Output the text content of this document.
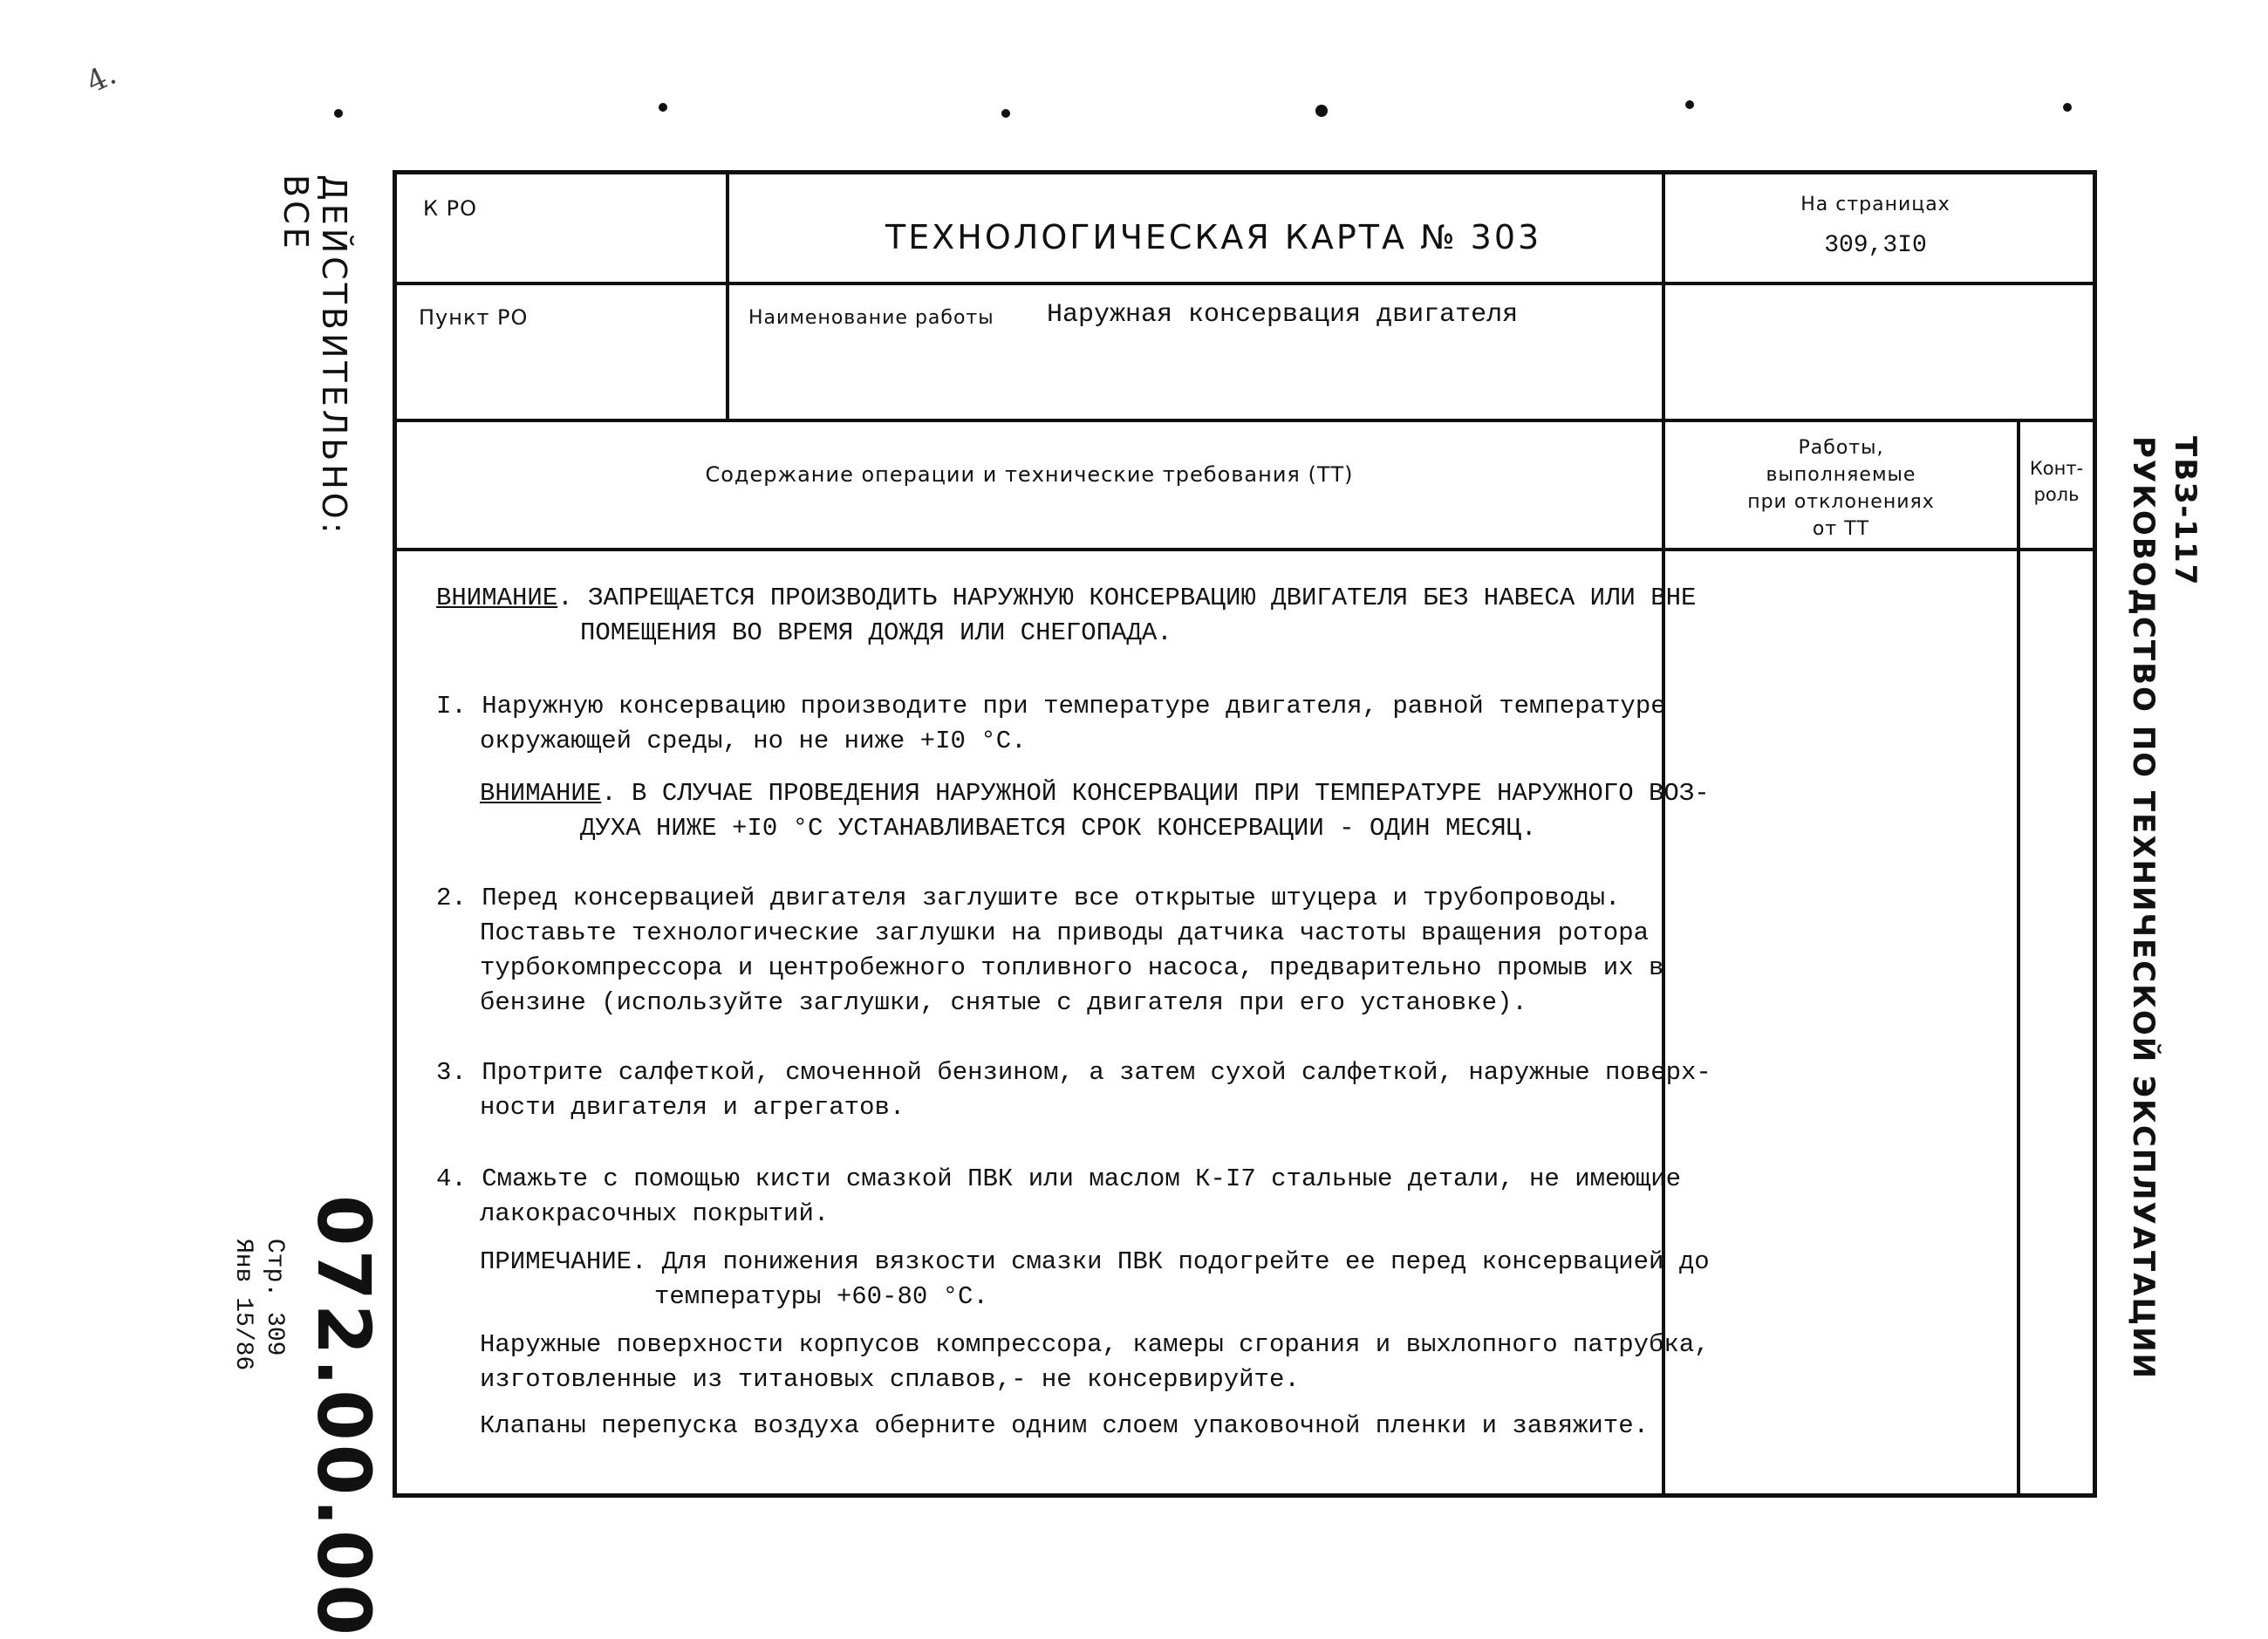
4.
ДЕЙСТВИТЕЛЬНО: ВСЕ
ТВЗ-117
РУКОВОДСТВО ПО ТЕХНИЧЕСКОЙ ЭКСПЛУАТАЦИИ
072.00.00
Стр. 309
Янв 15/86
К РО
ТЕХНОЛОГИЧЕСКАЯ КАРТА № 303
На страницах
309,3I0
Пункт РО	Наименование работы Наружная консервация двигателя
Содержание операции и технические требования (ТТ)
Работы,
выполняемые
при отклонениях
от ТТ
Конт-
роль
ВНИМАНИЕ. ЗАПРЕЩАЕТСЯ ПРОИЗВОДИТЬ НАРУЖНУЮ КОНСЕРВАЦИЮ ДВИГАТЕЛЯ БЕЗ НАВЕСА ИЛИ ВНЕ
ПОМЕЩЕНИЯ ВО ВРЕМЯ ДОЖДЯ ИЛИ СНЕГОПАДА.
I. Наружную консервацию производите при температуре двигателя, равной температуре
окружающей среды, но не ниже +I0 °С.
ВНИМАНИЕ. В СЛУЧАЕ ПРОВЕДЕНИЯ НАРУЖНОЙ КОНСЕРВАЦИИ ПРИ ТЕМПЕРАТУРЕ НАРУЖНОГО ВОЗ-
ДУХА НИЖЕ +I0 °С УСТАНАВЛИВАЕТСЯ СРОК КОНСЕРВАЦИИ - ОДИН МЕСЯЦ.
2. Перед консервацией двигателя заглушите все открытые штуцера и трубопроводы.
Поставьте технологические заглушки на приводы датчика частоты вращения ротора
турбокомпрессора и центробежного топливного насоса, предварительно промыв их в
бензине (используйте заглушки, снятые с двигателя при его установке).
3. Протрите салфеткой, смоченной бензином, а затем сухой салфеткой, наружные поверх-
ности двигателя и агрегатов.
4. Смажьте с помощью кисти смазкой ПВК или маслом К-I7 стальные детали, не имеющие
лакокрасочных покрытий.
ПРИМЕЧАНИЕ. Для понижения вязкости смазки ПВК подогрейте ее перед консервацией до
температуры +60-80 °С.
Наружные поверхности корпусов компрессора, камеры сгорания и выхлопного патрубка,
изготовленные из титановых сплавов,- не консервируйте.
Клапаны перепуска воздуха оберните одним слоем упаковочной пленки и завяжите.
